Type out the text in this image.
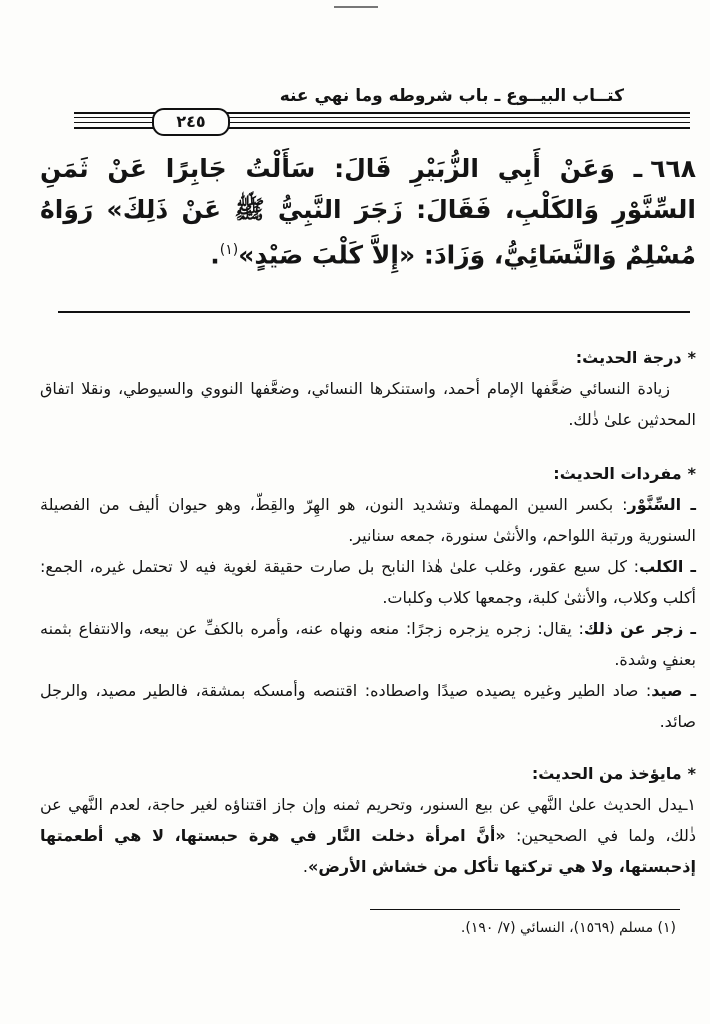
كتــاب البيــوع ـ باب شروطه وما نهي عنه
٢٤٥
٦٦٨ـ وَعَنْ أَبِي الزُّبَيْرِ قَالَ: سَأَلْتُ جَابِرًا عَنْ ثَمَنِ السِّنَّوْرِ وَالكَلْبِ، فَقَالَ: زَجَرَ النَّبِيُّ ﷺ عَنْ ذَلِكَ» رَوَاهُ مُسْلِمٌ وَالنَّسَائِيُّ، وَزَادَ: «إِلاَّ كَلْبَ صَيْدٍ»$^{(١)}$.

*درجة الحديث:

زيادة النسائي ضعَّفها الإمام أحمد، واستنكرها النسائي، وضعَّفها النووي والسيوطي، ونقلا اتفاق المحدثين علىٰ ذٰلك.

*مفردات الحديث:

ـ السِّنَّوْر: بكسر السين المهملة وتشديد النون، هو الهِرّ والقِطّ، وهو حيوان أليف من الفصيلة السنورية ورتبة اللواحم، والأنثىٰ سنورة، جمعه سنانير.

ـ الكلب: كل سبع عقور، وغلب علىٰ هٰذا النابح بل صارت حقيقة لغوية فيه لا تحتمل غيره، الجمع: أكلب وكلاب، والأنثىٰ كلبة، وجمعها كلاب وكلبات.

ـ زجر عن ذلك: يقال: زجره يزجره زجرًا: منعه ونهاه عنه، وأمره بالكفِّ عن بيعه، والانتفاع بثمنه بعنفٍ وشدة.

ـ صيد: صاد الطير وغيره يصيده صيدًا واصطاده: اقتنصه وأمسكه بمشقة، فالطير مصيد، والرجل صائد.

*مايؤخذ من الحديث:

١ـيدل الحديث علىٰ النَّهي عن بيع السنور، وتحريم ثمنه وإن جاز اقتناؤه لغير حاجة، لعدم النَّهي عن ذٰلك، ولما في الصحيحين: «أنَّ امرأة دخلت النَّار في هرة حبستها، لا هي أطعمتها إذحبستها، ولا هي تركتها تأكل من خشاش الأرض».

(١) مسلم (١٥٦٩)، النسائي (٧/ ١٩٠).
